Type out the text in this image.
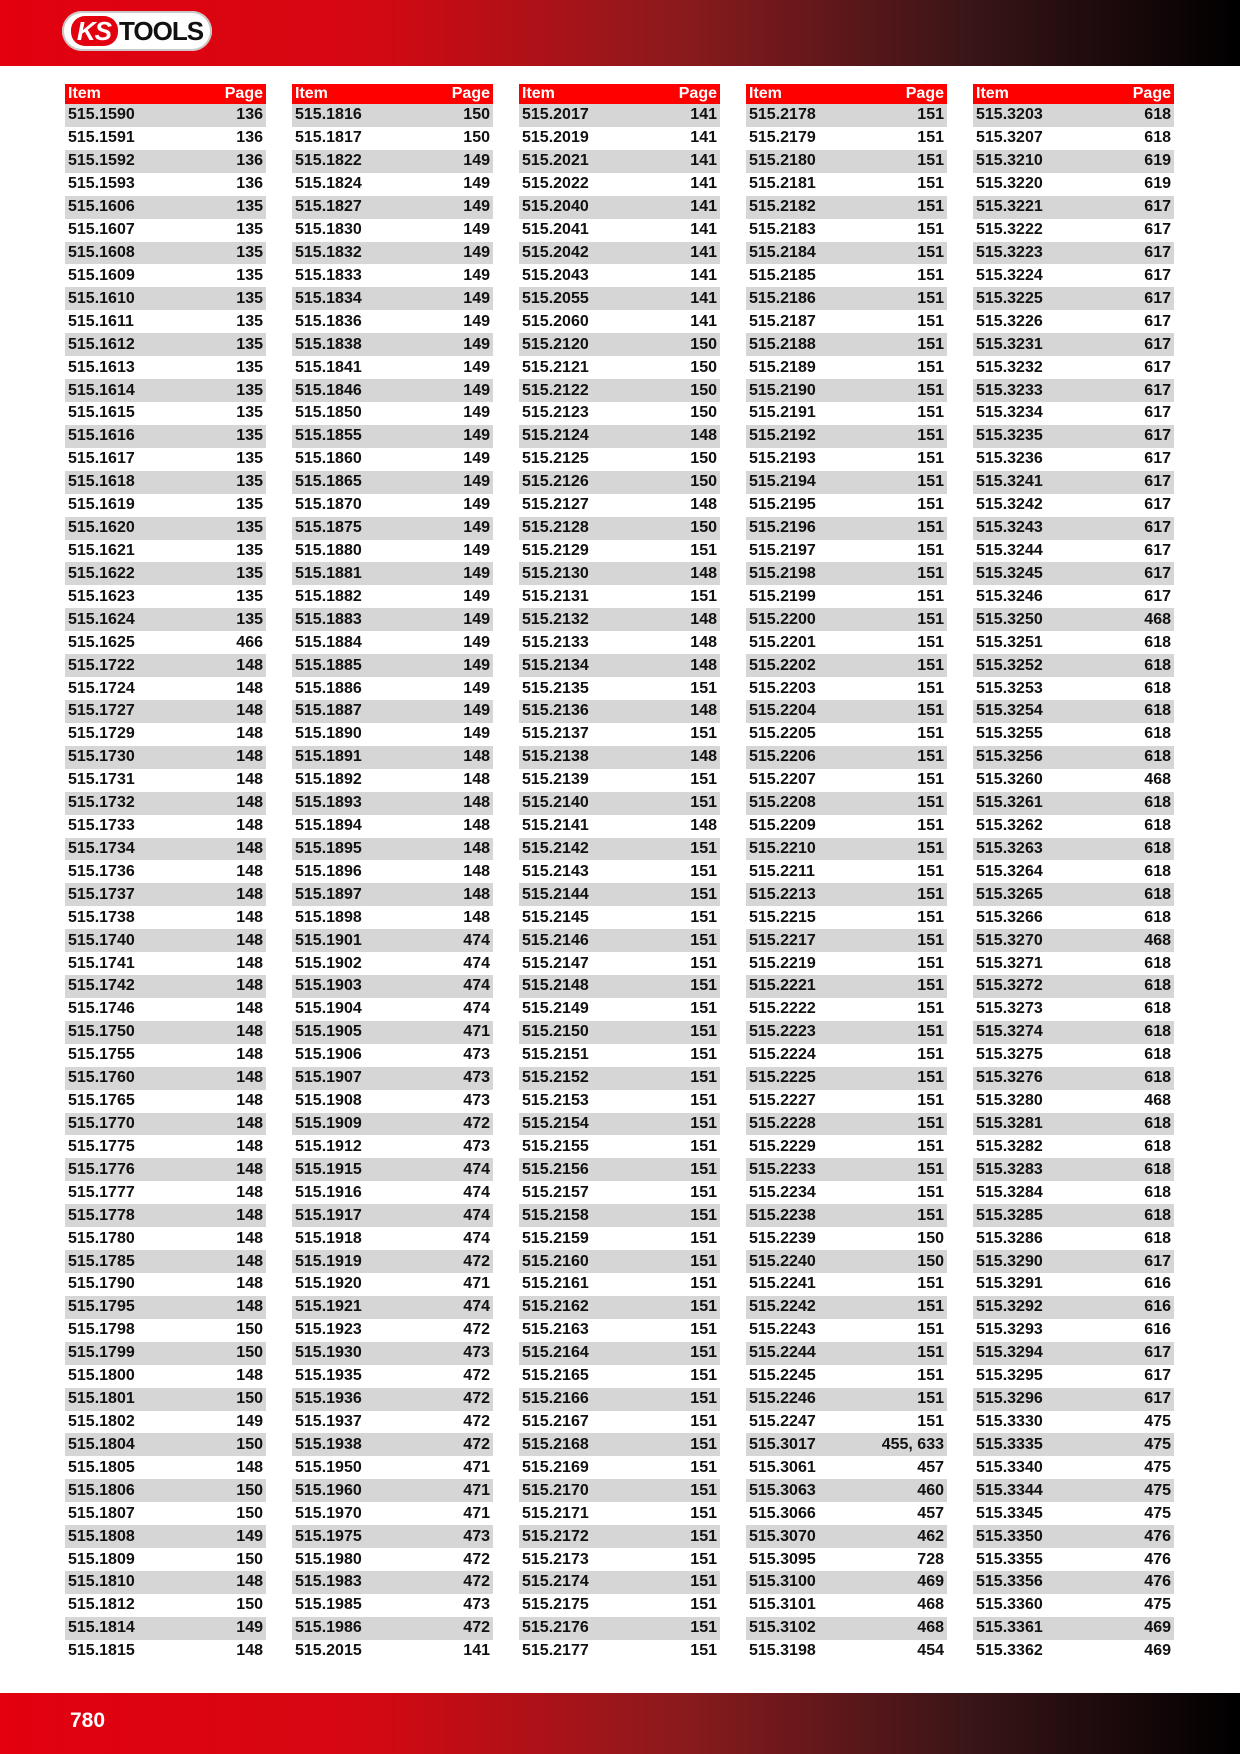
KS TOOLS
Item	Page
515.1590	136
515.1591	136
515.1592	136
515.1593	136
515.1606	135
515.1607	135
515.1608	135
515.1609	135
515.1610	135
515.1611	135
515.1612	135
515.1613	135
515.1614	135
515.1615	135
515.1616	135
515.1617	135
515.1618	135
515.1619	135
515.1620	135
515.1621	135
515.1622	135
515.1623	135
515.1624	135
515.1625	466
515.1722	148
515.1724	148
515.1727	148
515.1729	148
515.1730	148
515.1731	148
515.1732	148
515.1733	148
515.1734	148
515.1736	148
515.1737	148
515.1738	148
515.1740	148
515.1741	148
515.1742	148
515.1746	148
515.1750	148
515.1755	148
515.1760	148
515.1765	148
515.1770	148
515.1775	148
515.1776	148
515.1777	148
515.1778	148
515.1780	148
515.1785	148
515.1790	148
515.1795	148
515.1798	150
515.1799	150
515.1800	148
515.1801	150
515.1802	149
515.1804	150
515.1805	148
515.1806	150
515.1807	150
515.1808	149
515.1809	150
515.1810	148
515.1812	150
515.1814	149
515.1815	148
Item	Page
515.1816	150
515.1817	150
515.1822	149
515.1824	149
515.1827	149
515.1830	149
515.1832	149
515.1833	149
515.1834	149
515.1836	149
515.1838	149
515.1841	149
515.1846	149
515.1850	149
515.1855	149
515.1860	149
515.1865	149
515.1870	149
515.1875	149
515.1880	149
515.1881	149
515.1882	149
515.1883	149
515.1884	149
515.1885	149
515.1886	149
515.1887	149
515.1890	149
515.1891	148
515.1892	148
515.1893	148
515.1894	148
515.1895	148
515.1896	148
515.1897	148
515.1898	148
515.1901	474
515.1902	474
515.1903	474
515.1904	474
515.1905	471
515.1906	473
515.1907	473
515.1908	473
515.1909	472
515.1912	473
515.1915	474
515.1916	474
515.1917	474
515.1918	474
515.1919	472
515.1920	471
515.1921	474
515.1923	472
515.1930	473
515.1935	472
515.1936	472
515.1937	472
515.1938	472
515.1950	471
515.1960	471
515.1970	471
515.1975	473
515.1980	472
515.1983	472
515.1985	473
515.1986	472
515.2015	141
Item	Page
515.2017	141
515.2019	141
515.2021	141
515.2022	141
515.2040	141
515.2041	141
515.2042	141
515.2043	141
515.2055	141
515.2060	141
515.2120	150
515.2121	150
515.2122	150
515.2123	150
515.2124	148
515.2125	150
515.2126	150
515.2127	148
515.2128	150
515.2129	151
515.2130	148
515.2131	151
515.2132	148
515.2133	148
515.2134	148
515.2135	151
515.2136	148
515.2137	151
515.2138	148
515.2139	151
515.2140	151
515.2141	148
515.2142	151
515.2143	151
515.2144	151
515.2145	151
515.2146	151
515.2147	151
515.2148	151
515.2149	151
515.2150	151
515.2151	151
515.2152	151
515.2153	151
515.2154	151
515.2155	151
515.2156	151
515.2157	151
515.2158	151
515.2159	151
515.2160	151
515.2161	151
515.2162	151
515.2163	151
515.2164	151
515.2165	151
515.2166	151
515.2167	151
515.2168	151
515.2169	151
515.2170	151
515.2171	151
515.2172	151
515.2173	151
515.2174	151
515.2175	151
515.2176	151
515.2177	151
Item	Page
515.2178	151
515.2179	151
515.2180	151
515.2181	151
515.2182	151
515.2183	151
515.2184	151
515.2185	151
515.2186	151
515.2187	151
515.2188	151
515.2189	151
515.2190	151
515.2191	151
515.2192	151
515.2193	151
515.2194	151
515.2195	151
515.2196	151
515.2197	151
515.2198	151
515.2199	151
515.2200	151
515.2201	151
515.2202	151
515.2203	151
515.2204	151
515.2205	151
515.2206	151
515.2207	151
515.2208	151
515.2209	151
515.2210	151
515.2211	151
515.2213	151
515.2215	151
515.2217	151
515.2219	151
515.2221	151
515.2222	151
515.2223	151
515.2224	151
515.2225	151
515.2227	151
515.2228	151
515.2229	151
515.2233	151
515.2234	151
515.2238	151
515.2239	150
515.2240	150
515.2241	151
515.2242	151
515.2243	151
515.2244	151
515.2245	151
515.2246	151
515.2247	151
515.3017	455, 633
515.3061	457
515.3063	460
515.3066	457
515.3070	462
515.3095	728
515.3100	469
515.3101	468
515.3102	468
515.3198	454
Item	Page
515.3203	618
515.3207	618
515.3210	619
515.3220	619
515.3221	617
515.3222	617
515.3223	617
515.3224	617
515.3225	617
515.3226	617
515.3231	617
515.3232	617
515.3233	617
515.3234	617
515.3235	617
515.3236	617
515.3241	617
515.3242	617
515.3243	617
515.3244	617
515.3245	617
515.3246	617
515.3250	468
515.3251	618
515.3252	618
515.3253	618
515.3254	618
515.3255	618
515.3256	618
515.3260	468
515.3261	618
515.3262	618
515.3263	618
515.3264	618
515.3265	618
515.3266	618
515.3270	468
515.3271	618
515.3272	618
515.3273	618
515.3274	618
515.3275	618
515.3276	618
515.3280	468
515.3281	618
515.3282	618
515.3283	618
515.3284	618
515.3285	618
515.3286	618
515.3290	617
515.3291	616
515.3292	616
515.3293	616
515.3294	617
515.3295	617
515.3296	617
515.3330	475
515.3335	475
515.3340	475
515.3344	475
515.3345	475
515.3350	476
515.3355	476
515.3356	476
515.3360	475
515.3361	469
515.3362	469
780
